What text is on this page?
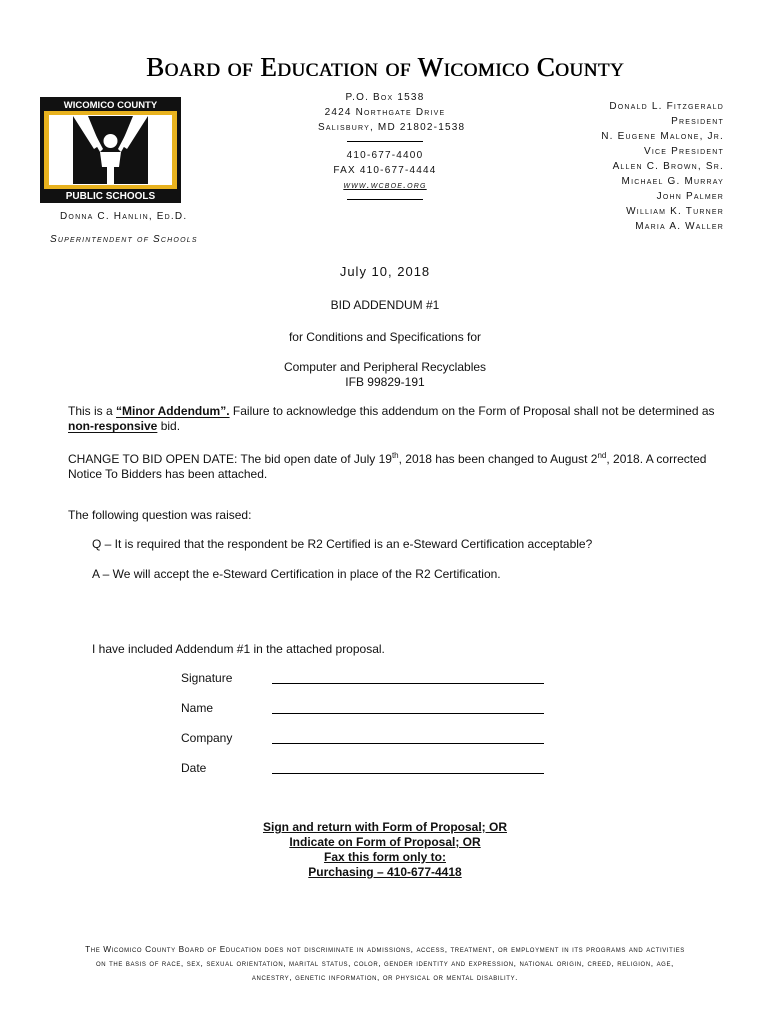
Board of Education of Wicomico County
WICOMICO COUNTY
PUBLIC SCHOOLS
P.O. Box 1538
2424 Northgate Drive
Salisbury, MD 21802-1538
410-677-4400
FAX 410-677-4444
www.wcboe.org
Donald L. Fitzgerald
President
N. Eugene Malone, Jr.
Vice President
Allen C. Brown, Sr.
Michael G. Murray
John Palmer
William K. Turner
Maria A. Waller
Donna C. Hanlin, Ed.D.
Superintendent of Schools
July 10, 2018
BID ADDENDUM #1
for Conditions and Specifications for
Computer and Peripheral Recyclables
IFB 99829-191
This is a “Minor Addendum”. Failure to acknowledge this addendum on the Form of Proposal shall not be determined as non-responsive bid.
CHANGE TO BID OPEN DATE: The bid open date of July 19th, 2018 has been changed to August 2nd, 2018. A corrected Notice To Bidders has been attached.
The following question was raised:
Q – It is required that the respondent be R2 Certified is an e-Steward Certification acceptable?
A – We will accept the e-Steward Certification in place of the R2 Certification.
I have included Addendum #1 in the attached proposal.
Signature
Name
Company
Date
Sign and return with Form of Proposal; OR
Indicate on Form of Proposal; OR
Fax this form only to:
Purchasing – 410-677-4418
The Wicomico County Board of Education does not discriminate in admissions, access, treatment, or employment in its programs and activities
on the basis of race, sex, sexual orientation, marital status, color, gender identity and expression, national origin, creed, religion, age,
ancestry, genetic information, or physical or mental disability.
